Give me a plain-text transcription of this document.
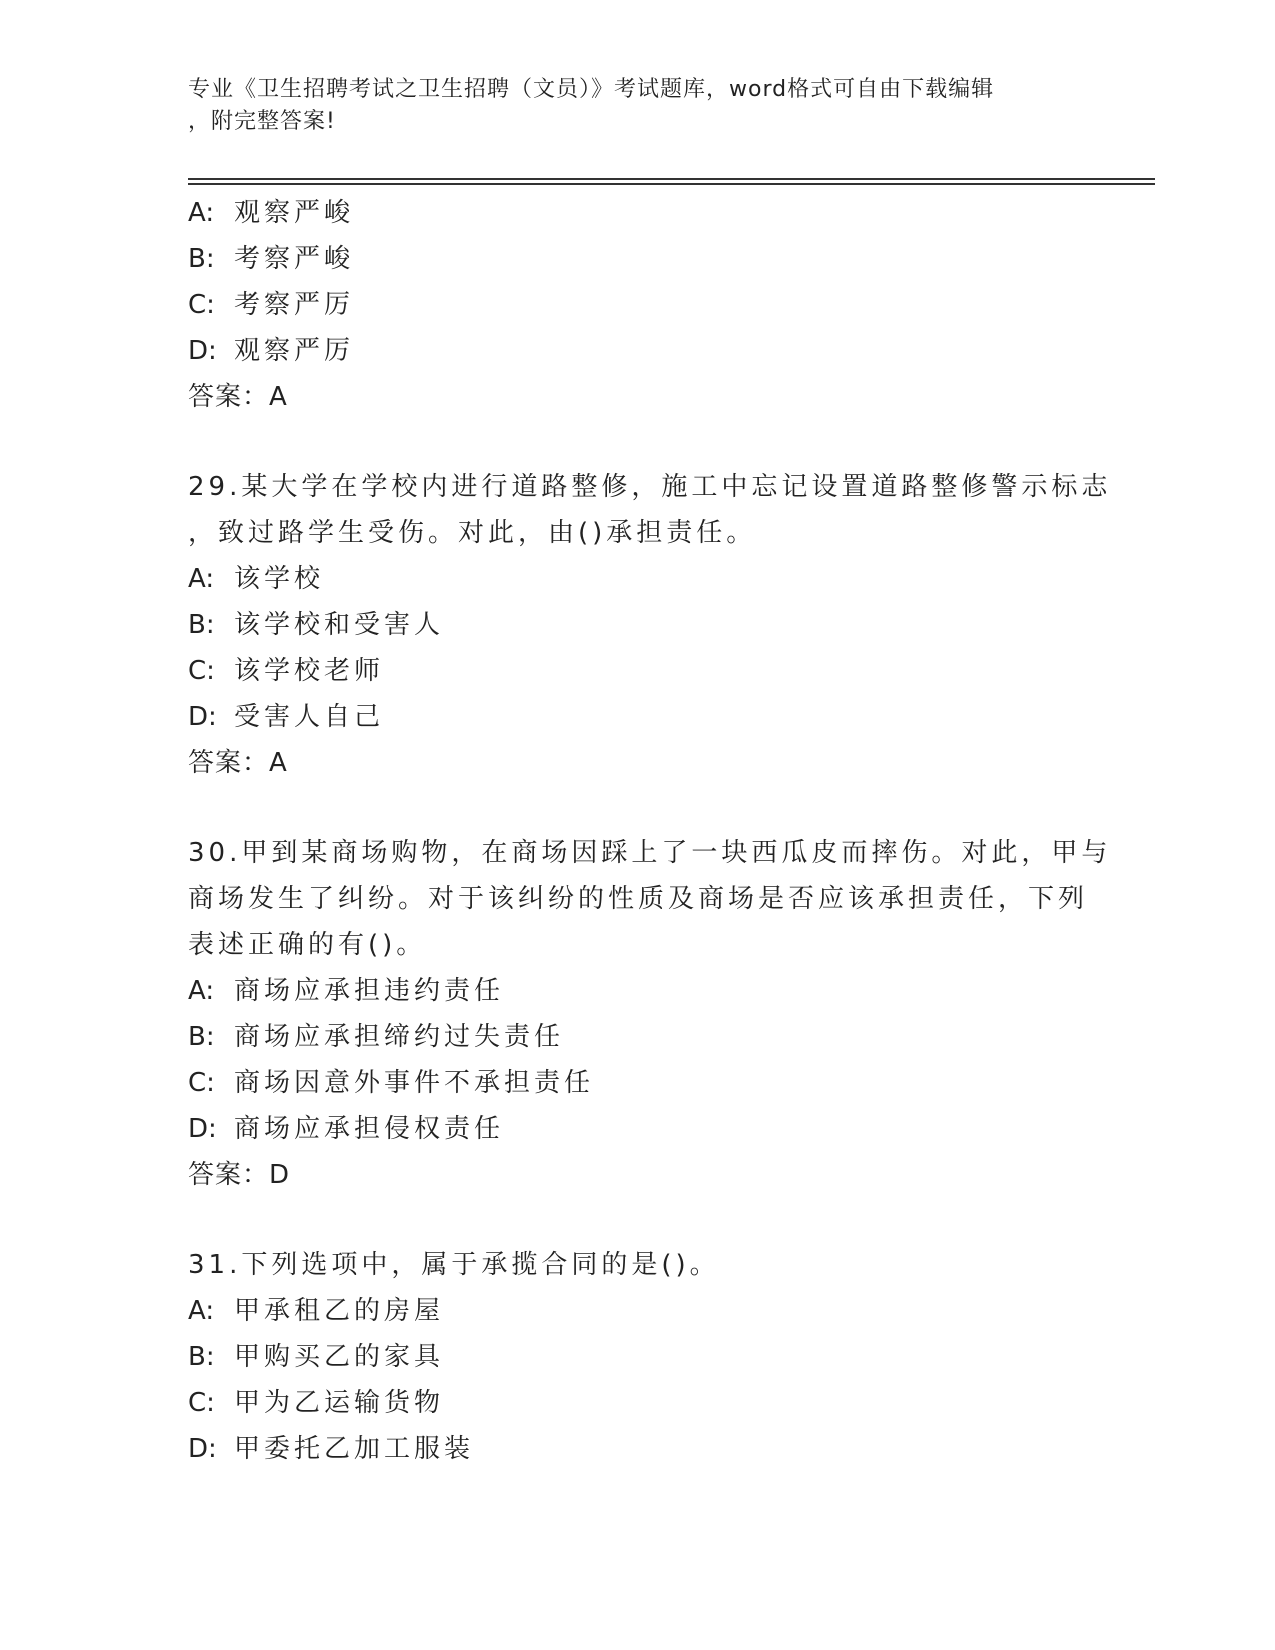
专业《卫生招聘考试之卫生招聘（文员）》考试题库，word格式可自由下载编辑
，附完整答案!
A: 观察严峻
B: 考察严峻
C: 考察严厉
D: 观察严厉
答案：A
29.某大学在学校内进行道路整修，施工中忘记设置道路整修警示标志
，致过路学生受伤。对此，由()承担责任。
A: 该学校
B: 该学校和受害人
C: 该学校老师
D: 受害人自己
答案：A
30.甲到某商场购物，在商场因踩上了一块西瓜皮而摔伤。对此，甲与
商场发生了纠纷。对于该纠纷的性质及商场是否应该承担责任，下列
表述正确的有()。
A: 商场应承担违约责任
B: 商场应承担缔约过失责任
C: 商场因意外事件不承担责任
D: 商场应承担侵权责任
答案：D
31.下列选项中，属于承揽合同的是()。
A: 甲承租乙的房屋
B: 甲购买乙的家具
C: 甲为乙运输货物
D: 甲委托乙加工服装
